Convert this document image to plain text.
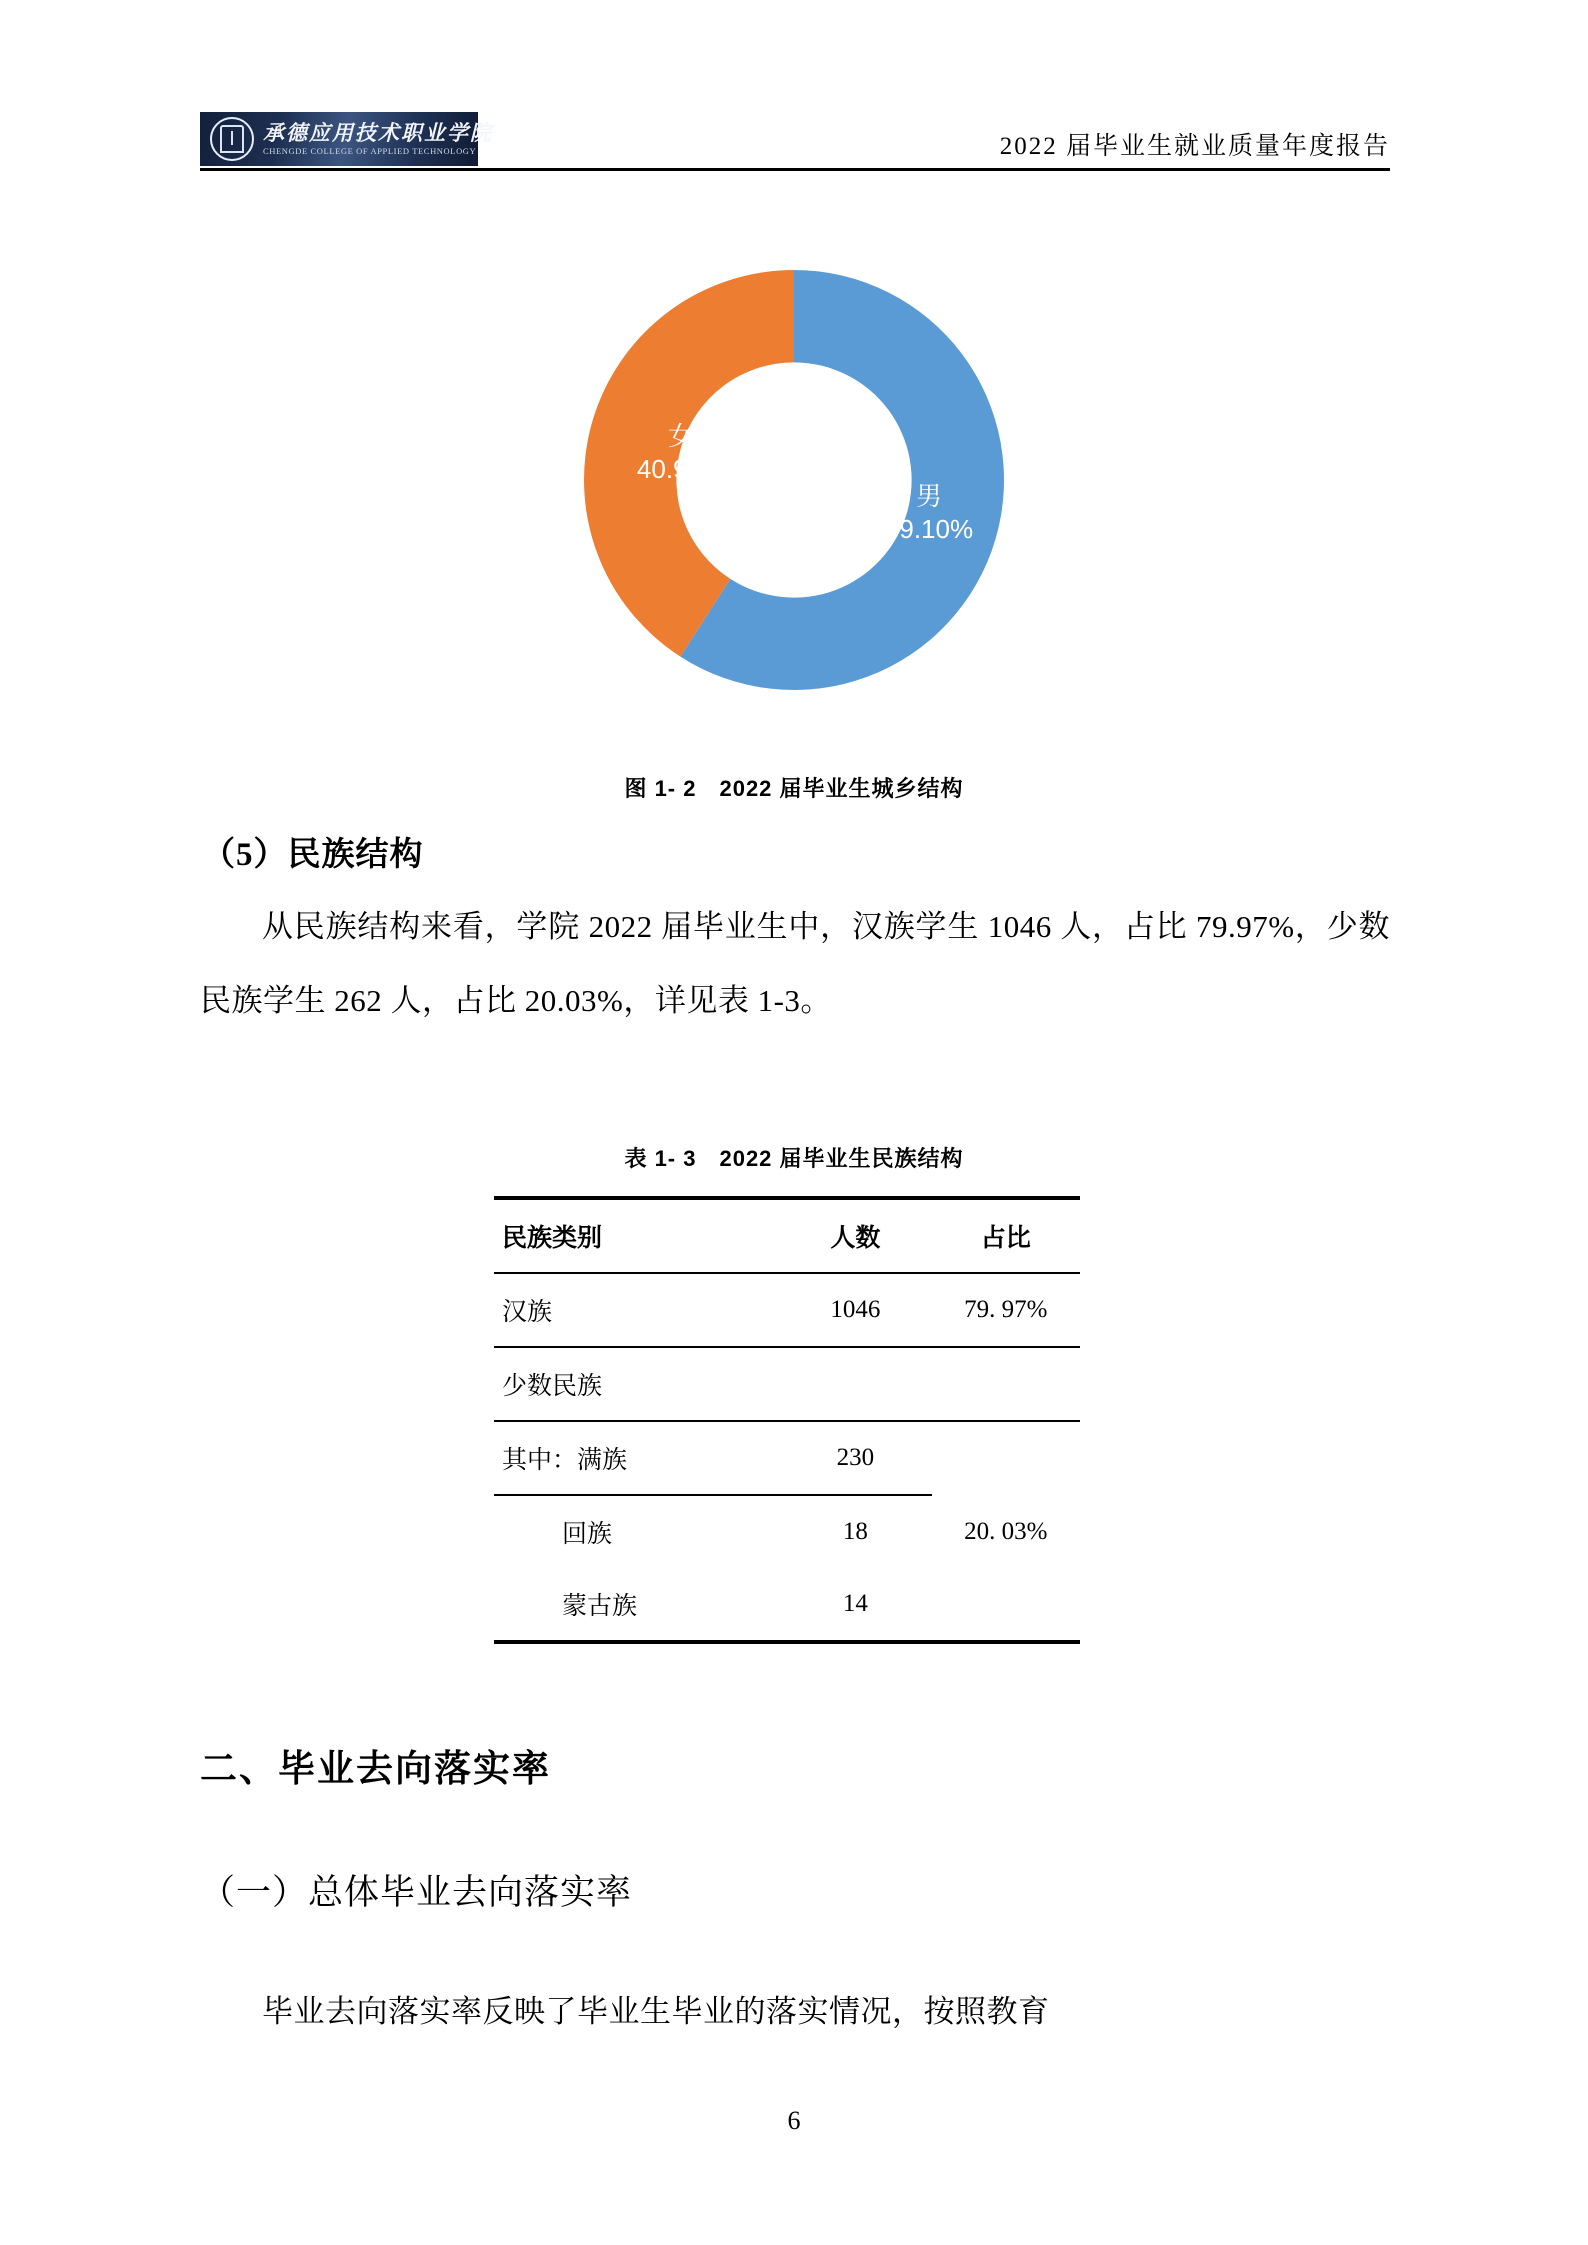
承德应用技术职业学院
CHENGDE COLLEGE OF APPLIED TECHNOLOGY	2022 届毕业生就业质量年度报告
女
40.90%
男
59.10%
图 1- 2　2022 届毕业生城乡结构
（5）民族结构
从民族结构来看，学院 2022 届毕业生中，汉族学生 1046 人，占比 79.97%，少数民族学生 262 人，占比 20.03%，详见表 1-3。
表 1- 3　2022 届毕业生民族结构
民族类别	人数	占比
汉族	1046	79. 97%
少数民族		
其中：满族	230	
回族	18	20. 03%
蒙古族	14	
二、毕业去向落实率
（一）总体毕业去向落实率
毕业去向落实率反映了毕业生毕业的落实情况，按照教育
6
